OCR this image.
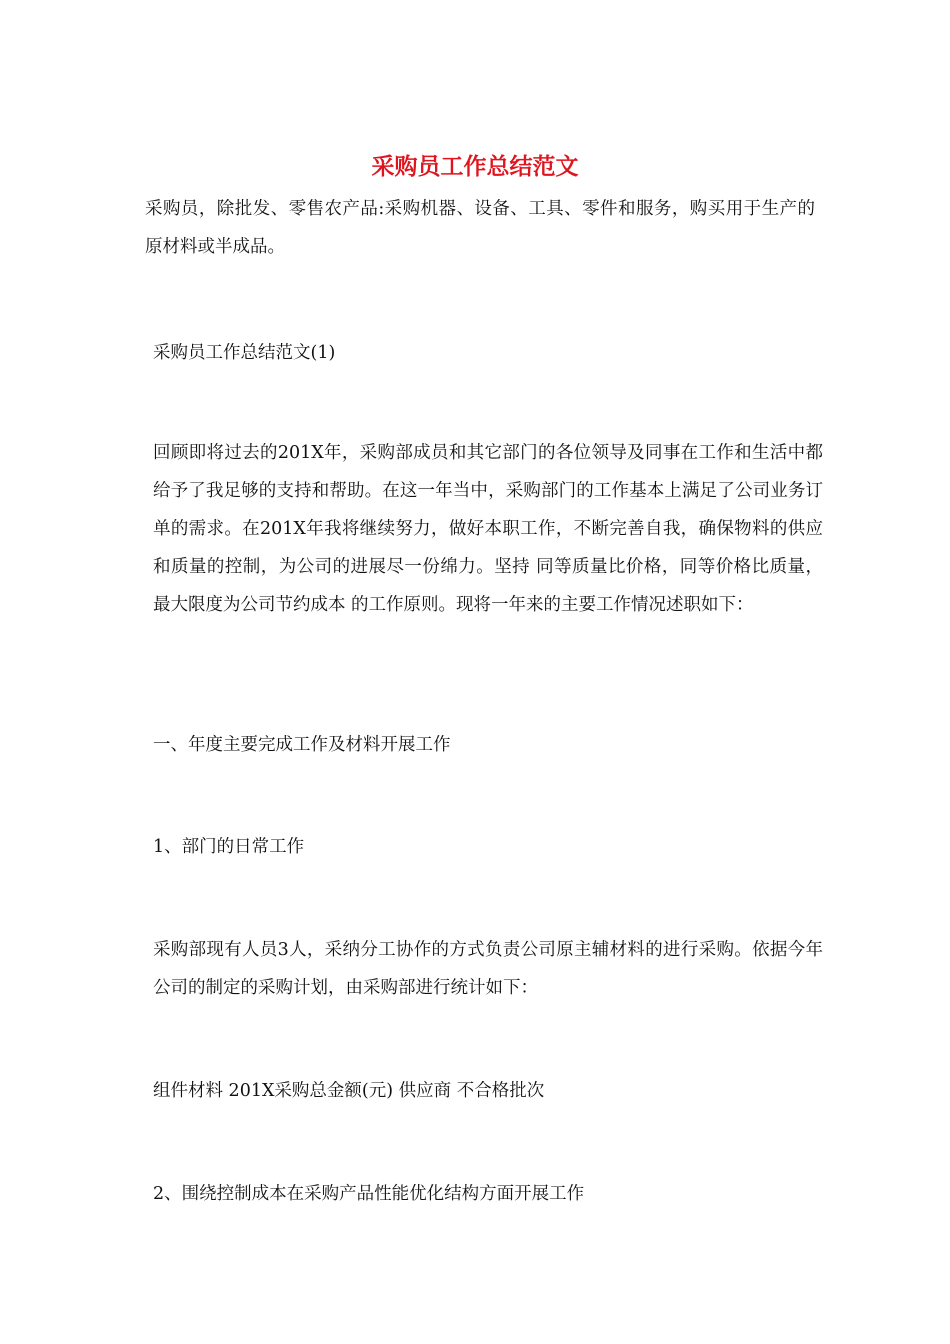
采购员工作总结范文

采购员，除批发、零售农产品:采购机器、设备、工具、零件和服务，购买用于生产的原材料或半成品。

采购员工作总结范文(1)

回顾即将过去的201X年，采购部成员和其它部门的各位领导及同事在工作和生活中都给予了我足够的支持和帮助。在这一年当中，采购部门的工作基本上满足了公司业务订单的需求。在201X年我将继续努力，做好本职工作，不断完善自我，确保物料的供应和质量的控制，为公司的进展尽一份绵力。坚持 同等质量比价格，同等价格比质量，最大限度为公司节约成本 的工作原则。现将一年来的主要工作情况述职如下：

一、年度主要完成工作及材料开展工作

1、部门的日常工作

采购部现有人员3人，采纳分工协作的方式负责公司原主辅材料的进行采购。依据今年公司的制定的采购计划，由采购部进行统计如下：

组件材料 201X采购总金额(元) 供应商 不合格批次

2、围绕控制成本在采购产品性能优化结构方面开展工作
